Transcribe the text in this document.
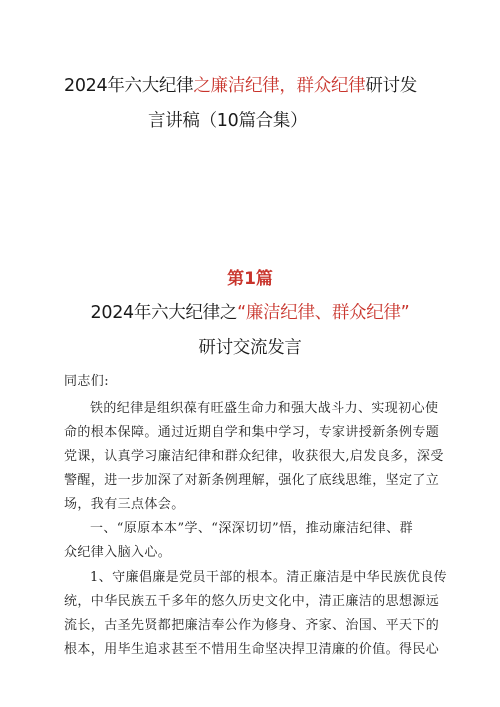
2024年六大纪律之廉洁纪律，群众纪律研讨发
言讲稿（10篇合集）
第1篇
2024年六大纪律之“廉洁纪律、群众纪律”
研讨交流发言
同志们:
铁的纪律是组织葆有旺盛生命力和强大战斗力、实现初心使
命的根本保障。通过近期自学和集中学习，专家讲授新条例专题
党课，认真学习廉洁纪律和群众纪律，收获很大,启发良多，深受
警醒，进一步加深了对新条例理解，强化了底线思维，坚定了立
场，我有三点体会。
一、“原原本本”学、“深深切切”悟，推动廉洁纪律、群
众纪律入脑入心。
1、守廉倡廉是党员干部的根本。清正廉洁是中华民族优良传
统，中华民族五千多年的悠久历史文化中，清正廉洁的思想源远
流长，古圣先贤都把廉洁奉公作为修身、齐家、治国、平天下的
根本，用毕生追求甚至不惜用生命坚决捍卫清廉的价值。得民心
